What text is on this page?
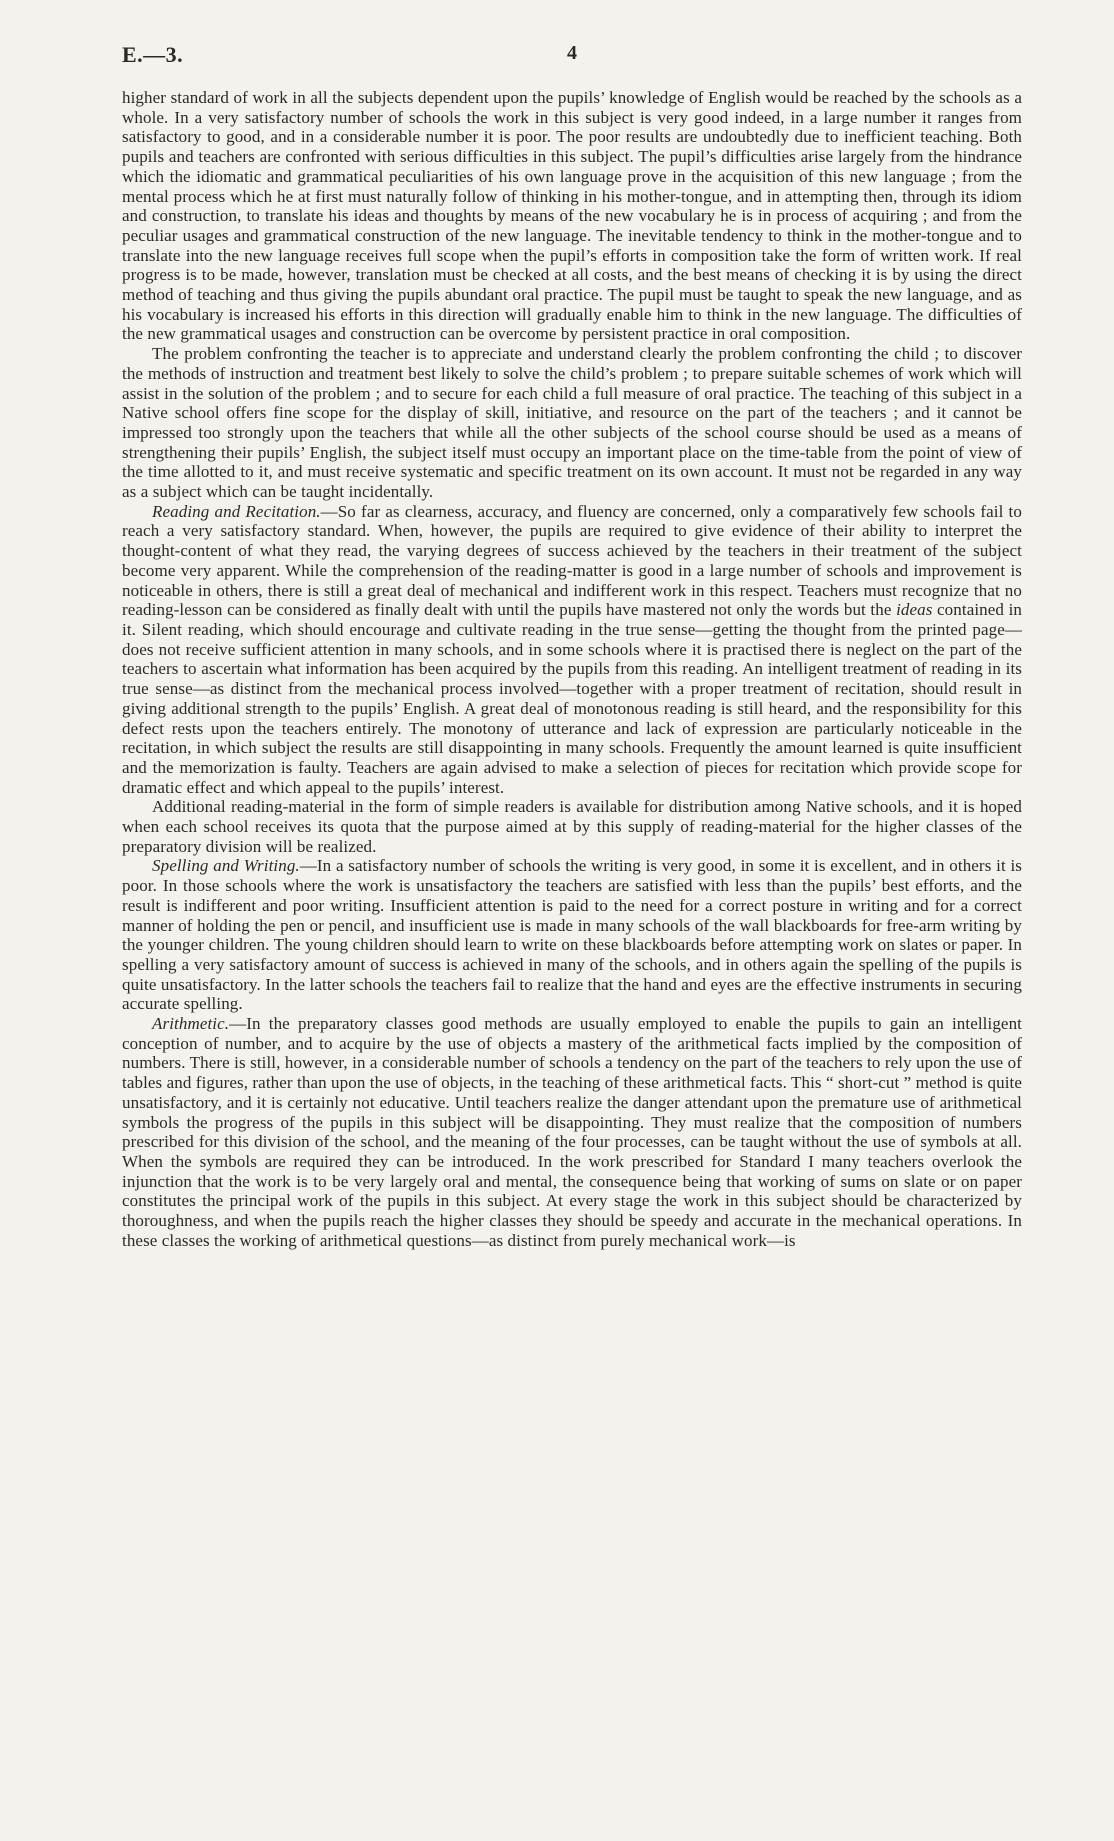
E.—3.	4

higher standard of work in all the subjects dependent upon the pupils’ knowledge of English would be reached by the schools as a whole. In a very satisfactory number of schools the work in this subject is very good indeed, in a large number it ranges from satisfactory to good, and in a considerable number it is poor. The poor results are undoubtedly due to inefficient teaching. Both pupils and teachers are confronted with serious difficulties in this subject. The pupil’s difficulties arise largely from the hindrance which the idiomatic and grammatical peculiarities of his own language prove in the acquisition of this new language ; from the mental process which he at first must naturally follow of thinking in his mother-tongue, and in attempting then, through its idiom and construction, to translate his ideas and thoughts by means of the new vocabulary he is in process of acquiring ; and from the peculiar usages and grammatical construction of the new language. The inevitable tendency to think in the mother-tongue and to translate into the new language receives full scope when the pupil’s efforts in composition take the form of written work. If real progress is to be made, however, translation must be checked at all costs, and the best means of checking it is by using the direct method of teaching and thus giving the pupils abundant oral practice. The pupil must be taught to speak the new language, and as his vocabulary is increased his efforts in this direction will gradually enable him to think in the new language. The difficulties of the new grammatical usages and construction can be overcome by persistent practice in oral composition.

The problem confronting the teacher is to appreciate and understand clearly the problem confronting the child ; to discover the methods of instruction and treatment best likely to solve the child’s problem ; to prepare suitable schemes of work which will assist in the solution of the problem ; and to secure for each child a full measure of oral practice. The teaching of this subject in a Native school offers fine scope for the display of skill, initiative, and resource on the part of the teachers ; and it cannot be impressed too strongly upon the teachers that while all the other subjects of the school course should be used as a means of strengthening their pupils’ English, the subject itself must occupy an important place on the time-table from the point of view of the time allotted to it, and must receive systematic and specific treatment on its own account. It must not be regarded in any way as a subject which can be taught incidentally.

Reading and Recitation.—So far as clearness, accuracy, and fluency are concerned, only a comparatively few schools fail to reach a very satisfactory standard. When, however, the pupils are required to give evidence of their ability to interpret the thought-content of what they read, the varying degrees of success achieved by the teachers in their treatment of the subject become very apparent. While the comprehension of the reading-matter is good in a large number of schools and improvement is noticeable in others, there is still a great deal of mechanical and indifferent work in this respect. Teachers must recognize that no reading-lesson can be considered as finally dealt with until the pupils have mastered not only the words but the ideas contained in it. Silent reading, which should encourage and cultivate reading in the true sense—getting the thought from the printed page—does not receive sufficient attention in many schools, and in some schools where it is practised there is neglect on the part of the teachers to ascertain what information has been acquired by the pupils from this reading. An intelligent treatment of reading in its true sense—as distinct from the mechanical process involved—together with a proper treatment of recitation, should result in giving additional strength to the pupils’ English. A great deal of monotonous reading is still heard, and the responsibility for this defect rests upon the teachers entirely. The monotony of utterance and lack of expression are particularly noticeable in the recitation, in which subject the results are still disappointing in many schools. Frequently the amount learned is quite insufficient and the memorization is faulty. Teachers are again advised to make a selection of pieces for recitation which provide scope for dramatic effect and which appeal to the pupils’ interest.

Additional reading-material in the form of simple readers is available for distribution among Native schools, and it is hoped when each school receives its quota that the purpose aimed at by this supply of reading-material for the higher classes of the preparatory division will be realized.

Spelling and Writing.—In a satisfactory number of schools the writing is very good, in some it is excellent, and in others it is poor. In those schools where the work is unsatisfactory the teachers are satisfied with less than the pupils’ best efforts, and the result is indifferent and poor writing. Insufficient attention is paid to the need for a correct posture in writing and for a correct manner of holding the pen or pencil, and insufficient use is made in many schools of the wall blackboards for free-arm writing by the younger children. The young children should learn to write on these blackboards before attempting work on slates or paper. In spelling a very satisfactory amount of success is achieved in many of the schools, and in others again the spelling of the pupils is quite unsatisfactory. In the latter schools the teachers fail to realize that the hand and eyes are the effective instruments in securing accurate spelling.

Arithmetic.—In the preparatory classes good methods are usually employed to enable the pupils to gain an intelligent conception of number, and to acquire by the use of objects a mastery of the arithmetical facts implied by the composition of numbers. There is still, however, in a considerable number of schools a tendency on the part of the teachers to rely upon the use of tables and figures, rather than upon the use of objects, in the teaching of these arithmetical facts. This “ short-cut ” method is quite unsatisfactory, and it is certainly not educative. Until teachers realize the danger attendant upon the premature use of arithmetical symbols the progress of the pupils in this subject will be disappointing. They must realize that the composition of numbers prescribed for this division of the school, and the meaning of the four processes, can be taught without the use of symbols at all. When the symbols are required they can be introduced. In the work prescribed for Standard I many teachers overlook the injunction that the work is to be very largely oral and mental, the consequence being that working of sums on slate or on paper constitutes the principal work of the pupils in this subject. At every stage the work in this subject should be characterized by thoroughness, and when the pupils reach the higher classes they should be speedy and accurate in the mechanical operations. In these classes the working of arithmetical questions—as distinct from purely mechanical work—is
